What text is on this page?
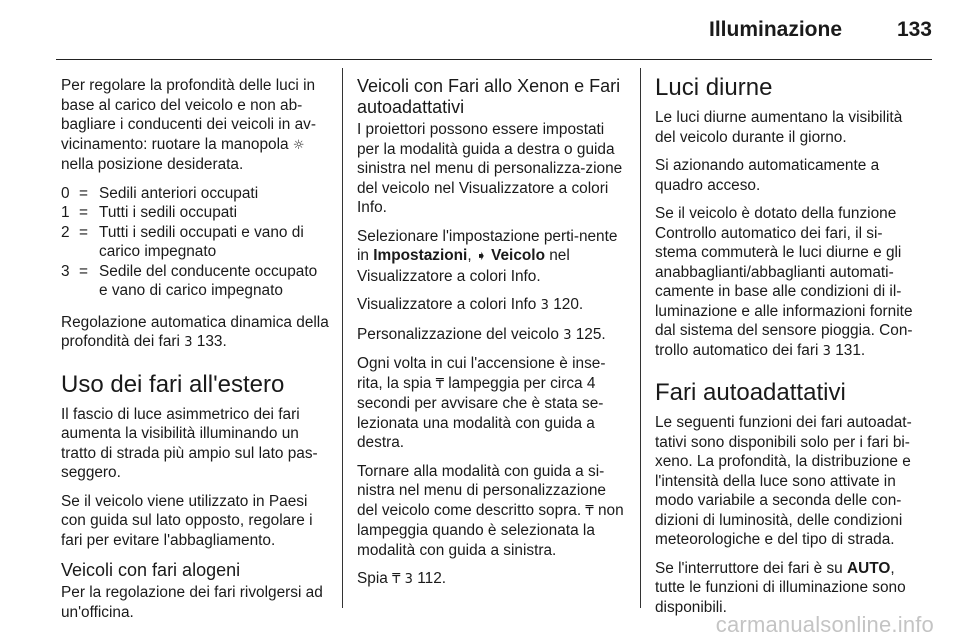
Illuminazione	133

Per regolare la profondità delle luci in base al carico del veicolo e non ab-bagliare i conducenti dei veicoli in av-vicinamento: ruotare la manopola ☼ nella posizione desiderata.

0 = Sedili anteriori occupati
1 = Tutti i sedili occupati
2 = Tutti i sedili occupati e vano di carico impegnato
3 = Sedile del conducente occupato e vano di carico impegnato

Regolazione automatica dinamica della profondità dei fari 3 133.

Uso dei fari all'estero

Il fascio di luce asimmetrico dei fari aumenta la visibilità illuminando un tratto di strada più ampio sul lato pas-seggero.

Se il veicolo viene utilizzato in Paesi con guida sul lato opposto, regolare i fari per evitare l'abbagliamento.

Veicoli con fari alogeni

Per la regolazione dei fari rivolgersi ad un'officina.

Veicoli con Fari allo Xenon e Fari autoadattativi

I proiettori possono essere impostati per la modalità guida a destra o guida sinistra nel menu di personalizza-zione del veicolo nel Visualizzatore a colori Info.

Selezionare l'impostazione perti-nente in Impostazioni, ➧ Veicolo nel Visualizzatore a colori Info.

Visualizzatore a colori Info 3 120.

Personalizzazione del veicolo 3 125.

Ogni volta in cui l'accensione è inse-rita, la spia ₸ lampeggia per circa 4 secondi per avvisare che è stata se-lezionata una modalità con guida a destra.

Tornare alla modalità con guida a si-nistra nel menu di personalizzazione del veicolo come descritto sopra. ₸ non lampeggia quando è selezionata la modalità con guida a sinistra.

Spia ₸ 3 112.

Luci diurne

Le luci diurne aumentano la visibilità del veicolo durante il giorno.

Si azionando automaticamente a quadro acceso.

Se il veicolo è dotato della funzione Controllo automatico dei fari, il si-stema commuterà le luci diurne e gli anabbaglianti/abbaglianti automati-camente in base alle condizioni di il-luminazione e alle informazioni fornite dal sistema del sensore pioggia. Con-trollo automatico dei fari 3 131.

Fari autoadattativi

Le seguenti funzioni dei fari autoadat-tativi sono disponibili solo per i fari bi-xeno. La profondità, la distribuzione e l'intensità della luce sono attivate in modo variabile a seconda delle con-dizioni di luminosità, delle condizioni meteorologiche e del tipo di strada.

Se l'interruttore dei fari è su AUTO, tutte le funzioni di illuminazione sono disponibili.

carmanualsonline.info
